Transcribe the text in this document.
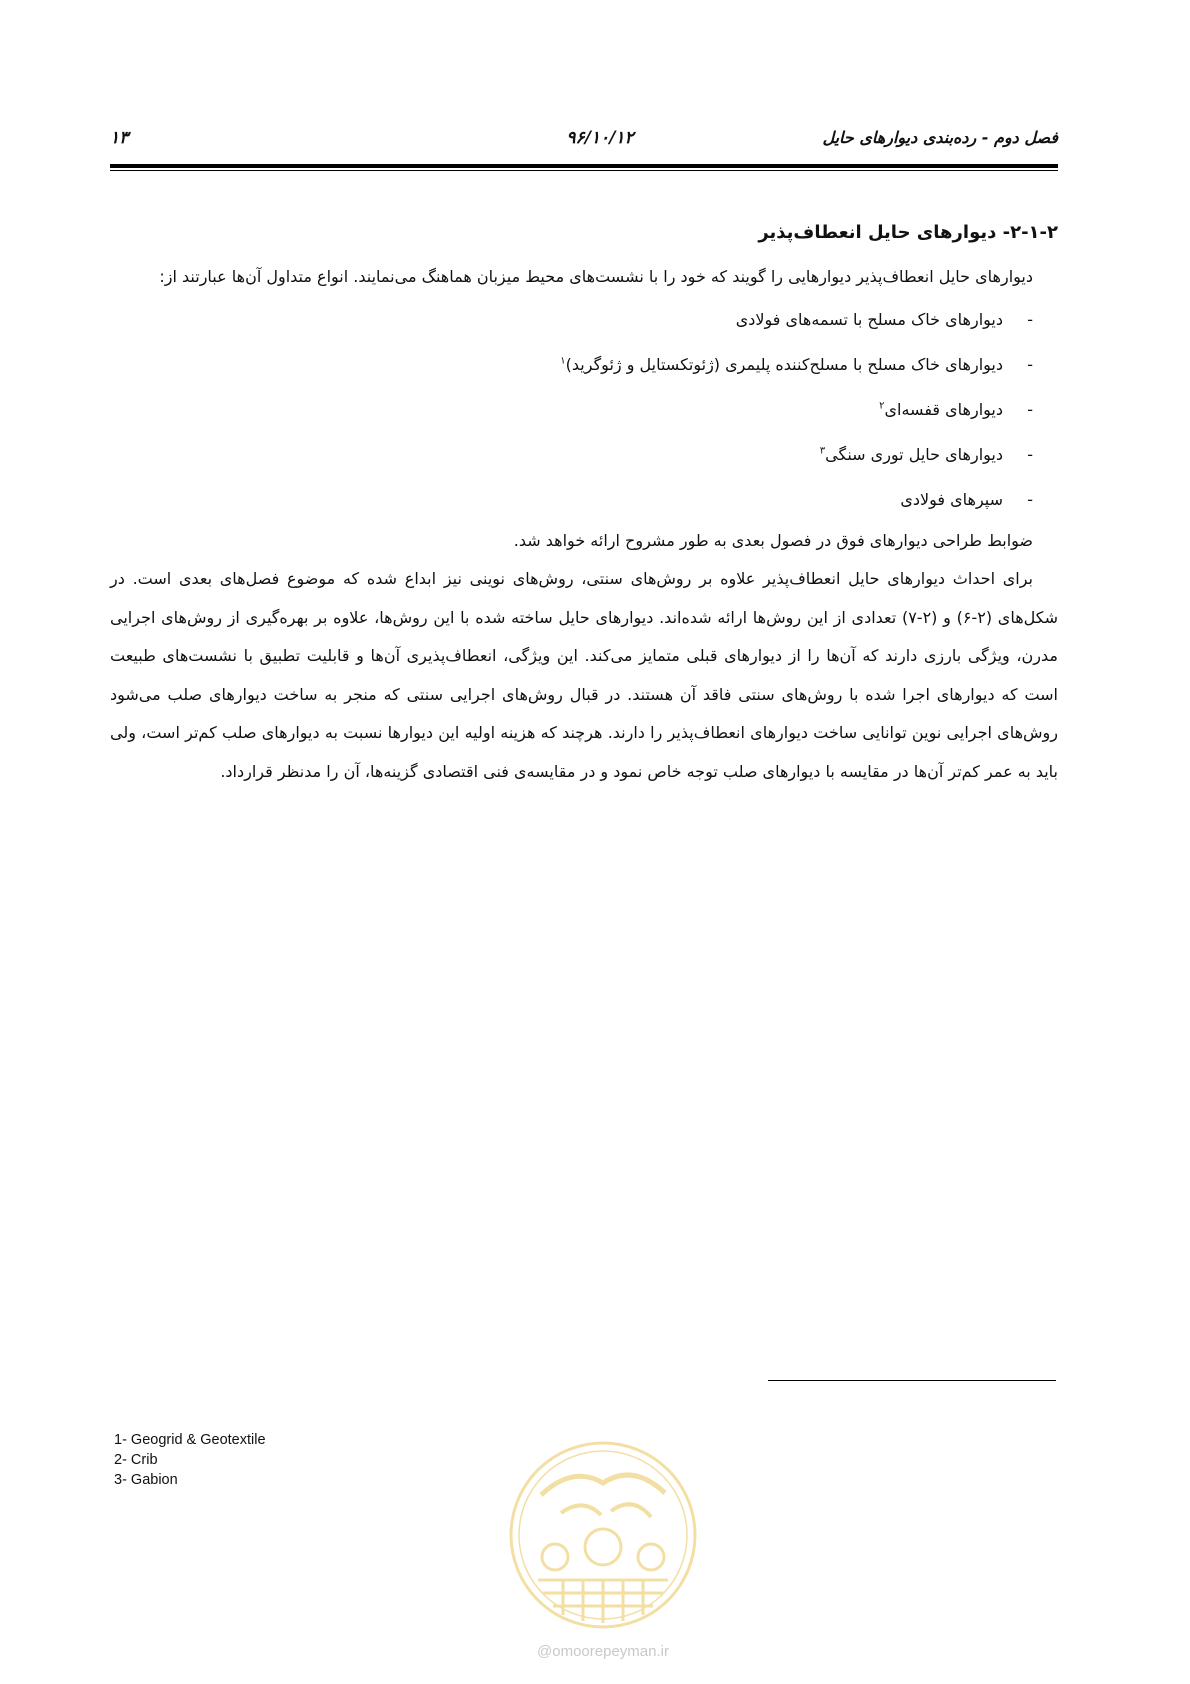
۱۳	۹۶/۱۰/۱۲	فصل دوم - رده‌بندی دیوارهای حایل
۲-۱-۲- دیوارهای حایل انعطاف‌پذیر

دیوارهای حایل انعطاف‌پذیر دیوارهایی را گویند که خود را با نشست‌های محیط میزبان هماهنگ می‌نمایند. انواع متداول آن‌ها عبارتند از:

-دیوارهای خاک مسلح با تسمه‌های فولادی
-دیوارهای خاک مسلح با مسلح‌کننده پلیمری (ژئوتکستایل و ژئوگرید)$^۱$
-دیوارهای قفسه‌ای$^۲$
-دیوارهای حایل توری سنگی$^۳$
-سپرهای فولادی

ضوابط طراحی دیوارهای فوق در فصول بعدی به طور مشروح ارائه خواهد شد.

برای احداث دیوارهای حایل انعطاف‌پذیر علاوه بر روش‌های سنتی، روش‌های نوینی نیز ابداع شده که موضوع فصل‌های بعدی است. در شکل‌های (۲-۶) و (۲-۷) تعدادی از این روش‌ها ارائه شده‌اند. دیوارهای حایل ساخته شده با این روش‌ها، علاوه بر بهره‌گیری از روش‌های اجرایی مدرن، ویژگی بارزی دارند که آن‌ها را از دیوارهای قبلی متمایز می‌کند. این ویژگی، انعطاف‌پذیری آن‌ها و قابلیت تطبیق با نشست‌های طبیعت است که دیوارهای اجرا شده با روش‌های سنتی فاقد آن هستند. در قبال روش‌های اجرایی سنتی که منجر به ساخت دیوارهای صلب می‌شود روش‌های اجرایی نوین توانایی ساخت دیوارهای انعطاف‌پذیر را دارند. هرچند که هزینه اولیه این دیوارها نسبت به دیوارهای صلب کم‌تر است، ولی باید به عمر کم‌تر آن‌ها در مقایسه با دیوارهای صلب توجه خاص نمود و در مقایسه‌ی فنی اقتصادی گزینه‌ها، آن را مدنظر قرارداد.

1- Geogrid & Geotextile
2- Crib
3- Gabion
@omoorepeyman.ir
